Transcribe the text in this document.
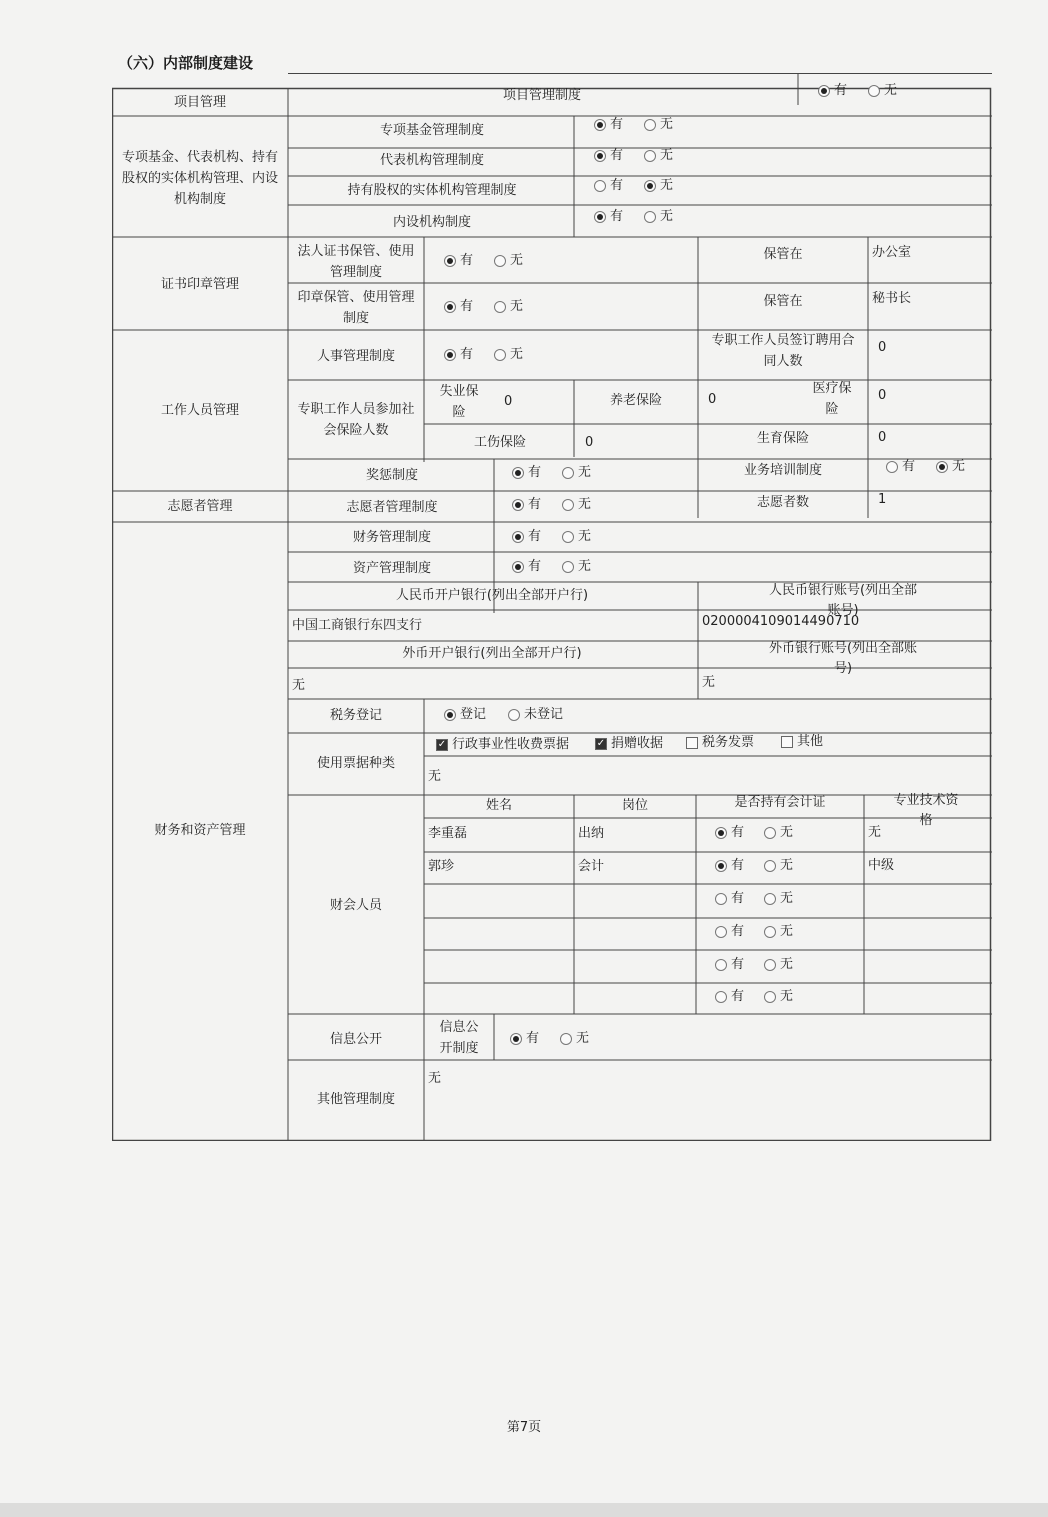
（六）内部制度建设
项目管理	项目管理制度	有	无
专项基金、代表机构、持有股权的实体机构管理、内设机构制度
专项基金管理制度
代表机构管理制度
持有股权的实体机构管理制度
内设机构制度
有	无
有	无
有	无
有	无
证书印章管理
法人证书保管、使用管理制度
印章保管、使用管理制度
有	无
有	无
保管在
保管在
办公室
秘书长
工作人员管理
人事管理制度	有	无
专职工作人员签订聘用合同人数
0
专职工作人员参加社会保险人数
失业保险
0	养老保险	0
医疗保险
0
工伤保险	0	生育保险	0
奖惩制度	有	无	业务培训制度	有	无
志愿者管理	志愿者管理制度	有	无	志愿者数	1
财务和资产管理
财务管理制度	有	无
资产管理制度	有	无
人民币开户银行(列出全部开户行)	人民币银行账号(列出全部账号)
中国工商银行东四支行	0200004109014490710
外币开户银行(列出全部开户行)	外币银行账号(列出全部账号)
无	无
税务登记	登记	未登记
使用票据种类
✓
行政事业性收费票据
✓	捐赠收据	税务发票	其他
无
财会人员
姓名	岗位	是否持有会计证	专业技术资格
李重磊	出纳	有	无	无
郭珍	会计	有	无	中级
有	无
有	无
有	无
有	无
信息公开
信息公开制度
有	无
其他管理制度
无
第7页
